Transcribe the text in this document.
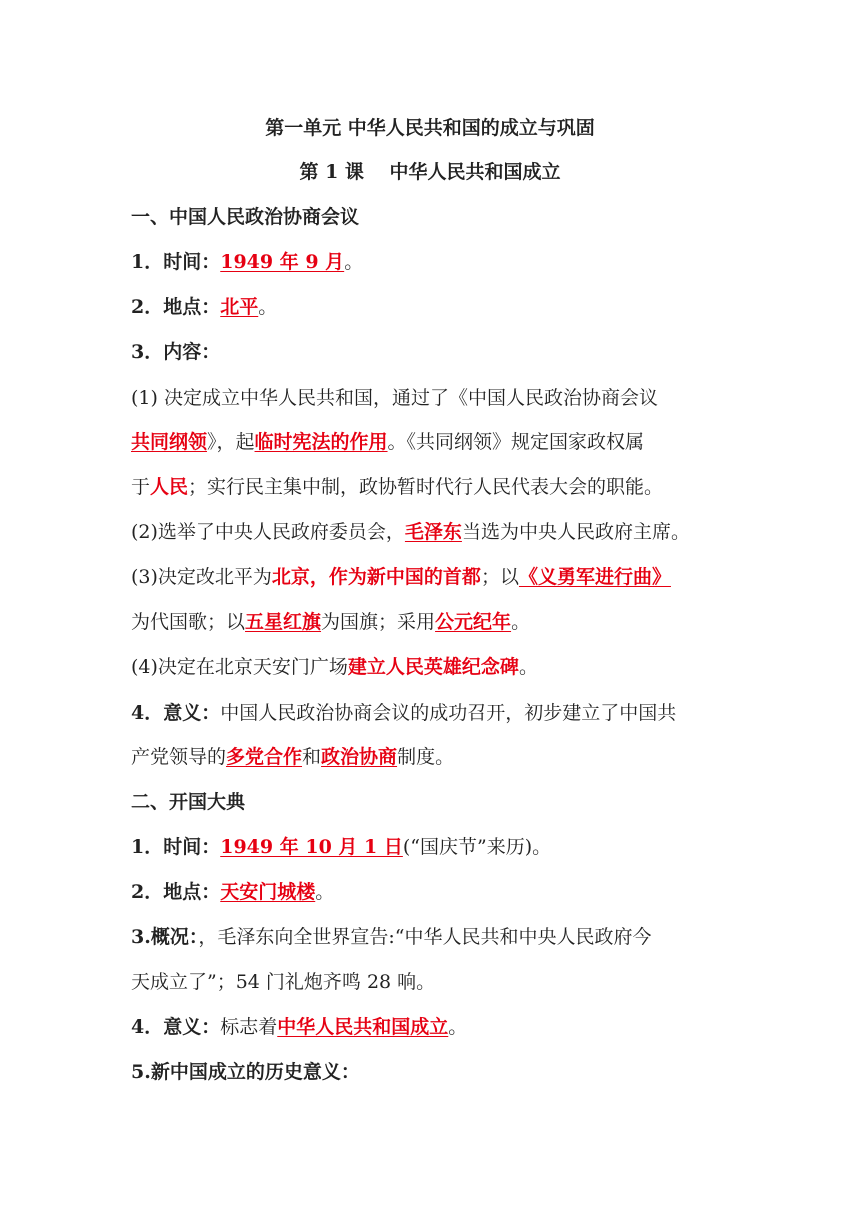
第一单元 中华人民共和国的成立与巩固
第 1 课　 中华人民共和国成立
一、中国人民政治协商会议
1．时间：1949 年 9 月。
2．地点：北平。
3．内容：
(1) 决定成立中华人民共和国，通过了《中国人民政治协商会议
共同纲领》，起临时宪法的作用。《共同纲领》规定国家政权属
于人民；实行民主集中制，政协暂时代行人民代表大会的职能。
(2)选举了中央人民政府委员会，毛泽东当选为中央人民政府主席。
(3)决定改北平为北京，作为新中国的首都；以《义勇军进行曲》
为代国歌；以五星红旗为国旗；采用公元纪年。
(4)决定在北京天安门广场建立人民英雄纪念碑。
4．意义：中国人民政治协商会议的成功召开，初步建立了中国共
产党领导的多党合作和政治协商制度。
二、开国大典
1．时间：1949 年 10 月 1 日(“国庆节”来历)。
2．地点：天安门城楼。
3.概况：，毛泽东向全世界宣告:“中华人民共和中央人民政府今
天成立了”；54 门礼炮齐鸣 28 响。
4．意义：标志着中华人民共和国成立。
5.新中国成立的历史意义：
